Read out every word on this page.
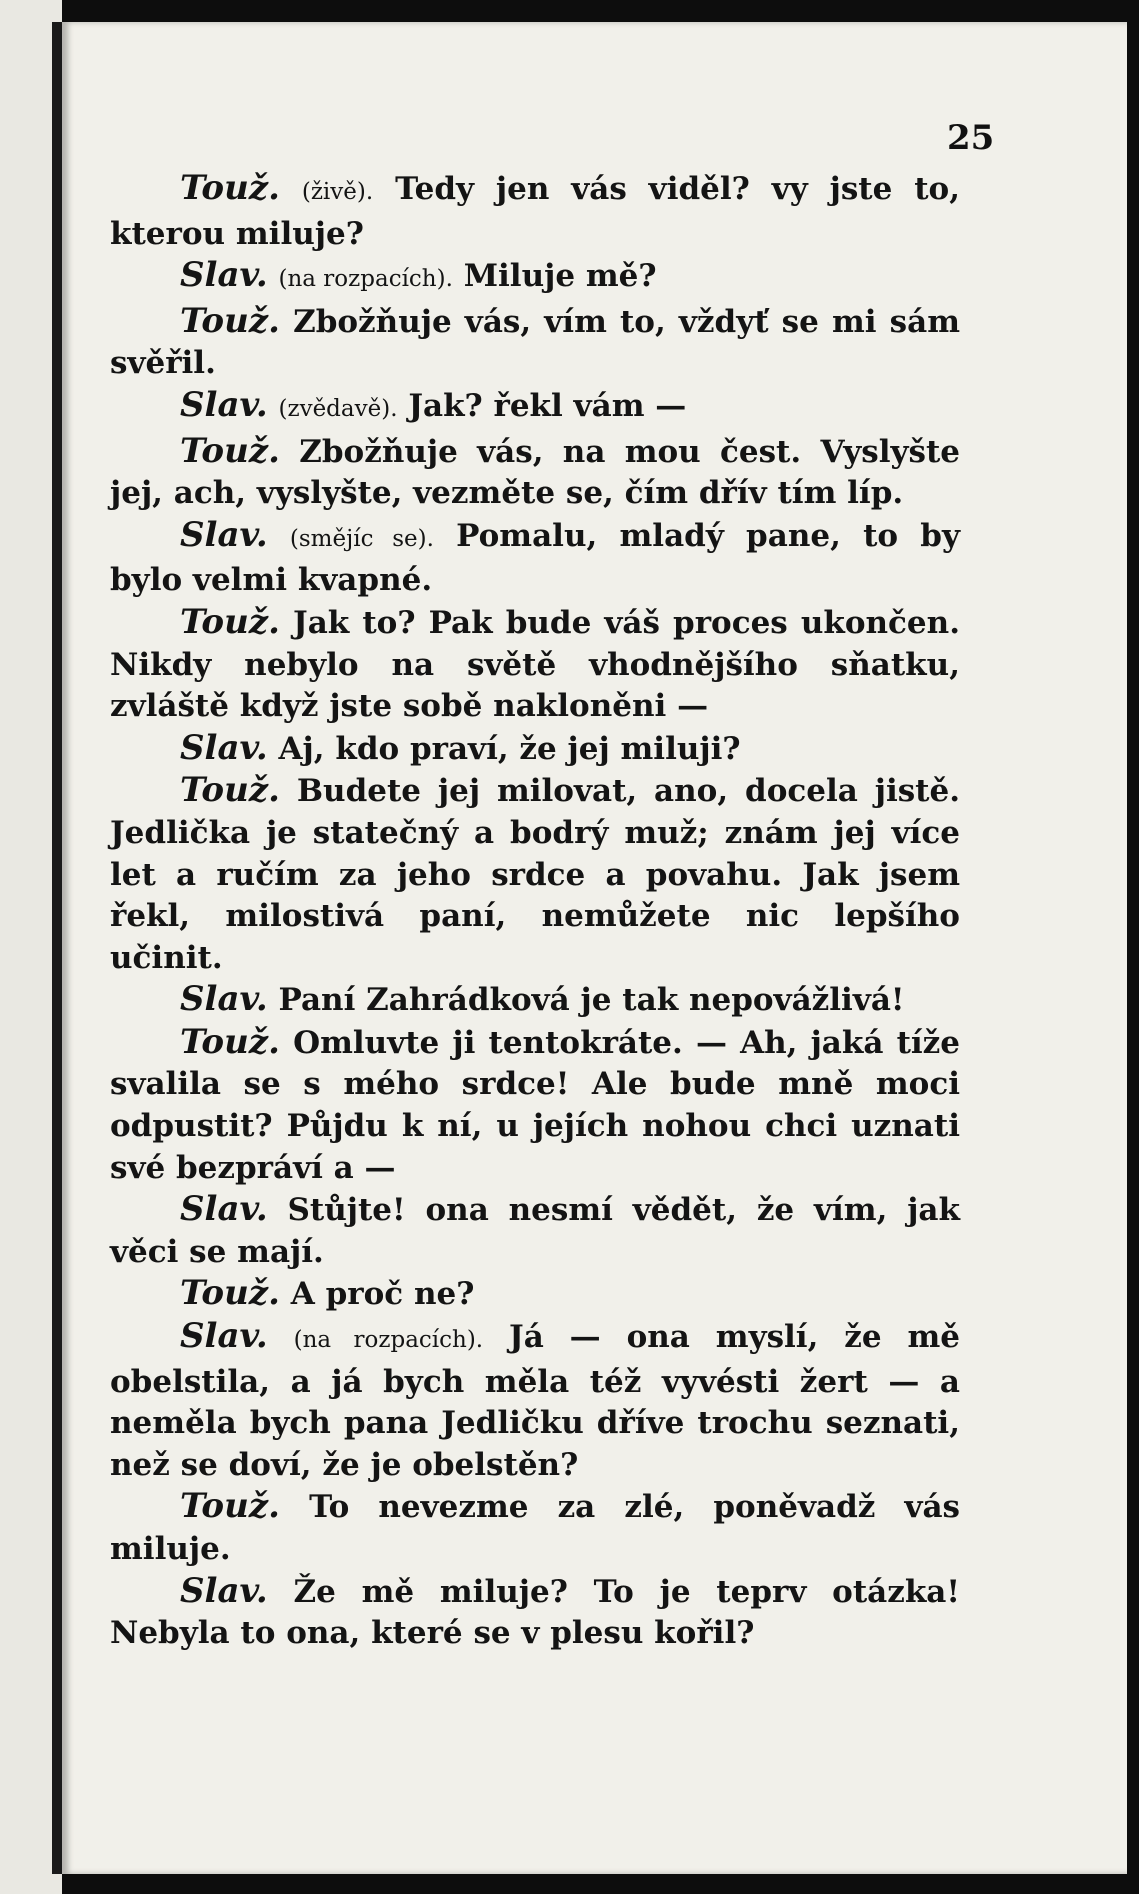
25
Touž. (živě). Tedy jen vás viděl? vy jste to, kterou miluje?
Slav. (na rozpacích). Miluje mě?
Touž. Zbožňuje vás, vím to, vždyť se mi sám svěřil.
Slav. (zvědavě). Jak? řekl vám —
Touž. Zbožňuje vás, na mou čest. Vyslyšte jej, ach, vyslyšte, vezměte se, čím dřív tím líp.
Slav. (smějíc se). Pomalu, mladý pane, to by bylo velmi kvapné.
Touž. Jak to? Pak bude váš proces ukončen. Nikdy nebylo na světě vhodnějšího sňatku, zvláště když jste sobě nakloněni —
Slav. Aj, kdo praví, že jej miluji?
Touž. Budete jej milovat, ano, docela jistě. Jedlička je statečný a bodrý muž; znám jej více let a ručím za jeho srdce a povahu. Jak jsem řekl, milostivá paní, nemůžete nic lepšího učinit.
Slav. Paní Zahrádková je tak nepovážlivá!
Touž. Omluvte ji tentokráte. — Ah, jaká tíže svalila se s mého srdce! Ale bude mně moci odpustit? Půjdu k ní, u jejích nohou chci uznati své bezpráví a —
Slav. Stůjte! ona nesmí vědět, že vím, jak věci se mají.
Touž. A proč ne?
Slav. (na rozpacích). Já — ona myslí, že mě obelstila, a já bych měla též vyvésti žert — a neměla bych pana Jedličku dříve trochu seznati, než se doví, že je obelstěn?
Touž. To nevezme za zlé, poněvadž vás miluje.
Slav. Že mě miluje? To je teprv otázka! Nebyla to ona, které se v plesu kořil?
